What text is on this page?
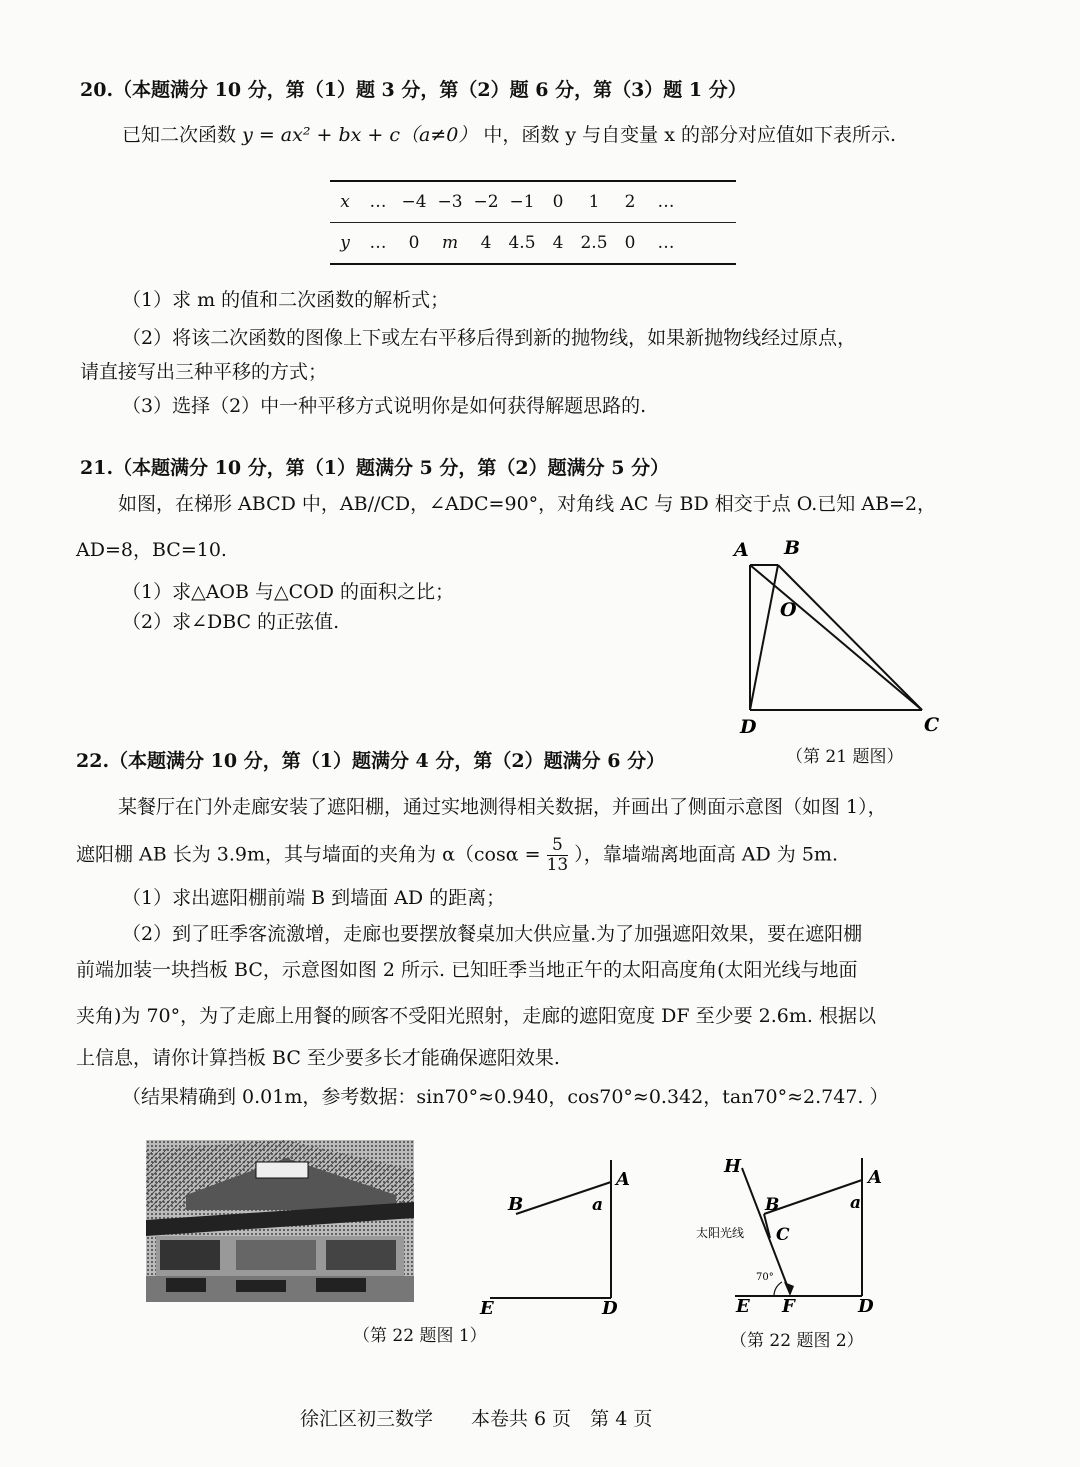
20.（本题满分 10 分，第（1）题 3 分，第（2）题 6 分，第（3）题 1 分）
已知二次函数 y = ax² + bx + c（a≠0） 中，函数 y 与自变量 x 的部分对应值如下表所示.
x	… −4 −3 −2 −1	0	1	2	…
y	…	0	m	4	4.5	4	2.5	0	…
（1）求 m 的值和二次函数的解析式；
（2）将该二次函数的图像上下或左右平移后得到新的抛物线，如果新抛物线经过原点，
请直接写出三种平移的方式；
（3）选择（2）中一种平移方式说明你是如何获得解题思路的.
21.（本题满分 10 分，第（1）题满分 5 分，第（2）题满分 5 分）
如图，在梯形 ABCD 中，AB//CD，∠ADC=90°，对角线 AC 与 BD 相交于点 O.已知 AB=2，
AD=8，BC=10.
（1）求△AOB 与△COD 的面积之比；
（2）求∠DBC 的正弦值.
A B
O
D	C
（第 21 题图）
22.（本题满分 10 分，第（1）题满分 4 分，第（2）题满分 6 分）
某餐厅在门外走廊安装了遮阳棚，通过实地测得相关数据，并画出了侧面示意图（如图 1），
遮阳棚 AB 长为 3.9m，其与墙面的夹角为 $\alpha(\cos\alpha = \frac{5}{13}$ ），靠墙端离地面高 AD 为 5m.
（1）求出遮阳棚前端 B 到墙面 AD 的距离；
（2）到了旺季客流激增，走廊也要摆放餐桌加大供应量.为了加强遮阳效果，要在遮阳棚
前端加装一块挡板 BC，示意图如图 2 所示. 已知旺季当地正午的太阳高度角(太阳光线与地面
夹角)为 70°，为了走廊上用餐的顾客不受阳光照射，走廊的遮阳宽度 DF 至少要 2.6m. 根据以
上信息，请你计算挡板 BC 至少要多长才能确保遮阳效果.
（结果精确到 0.01m，参考数据：sin70°≈0.940，cos70°≈0.342，tan70°≈2.747. ）
A
B	a
E	D
（第 22 题图 1）
H
A
B
C
a
太阳光线
70°
E F	D
（第 22 题图 2）
徐汇区初三数学　　本卷共 6 页　第 4 页
